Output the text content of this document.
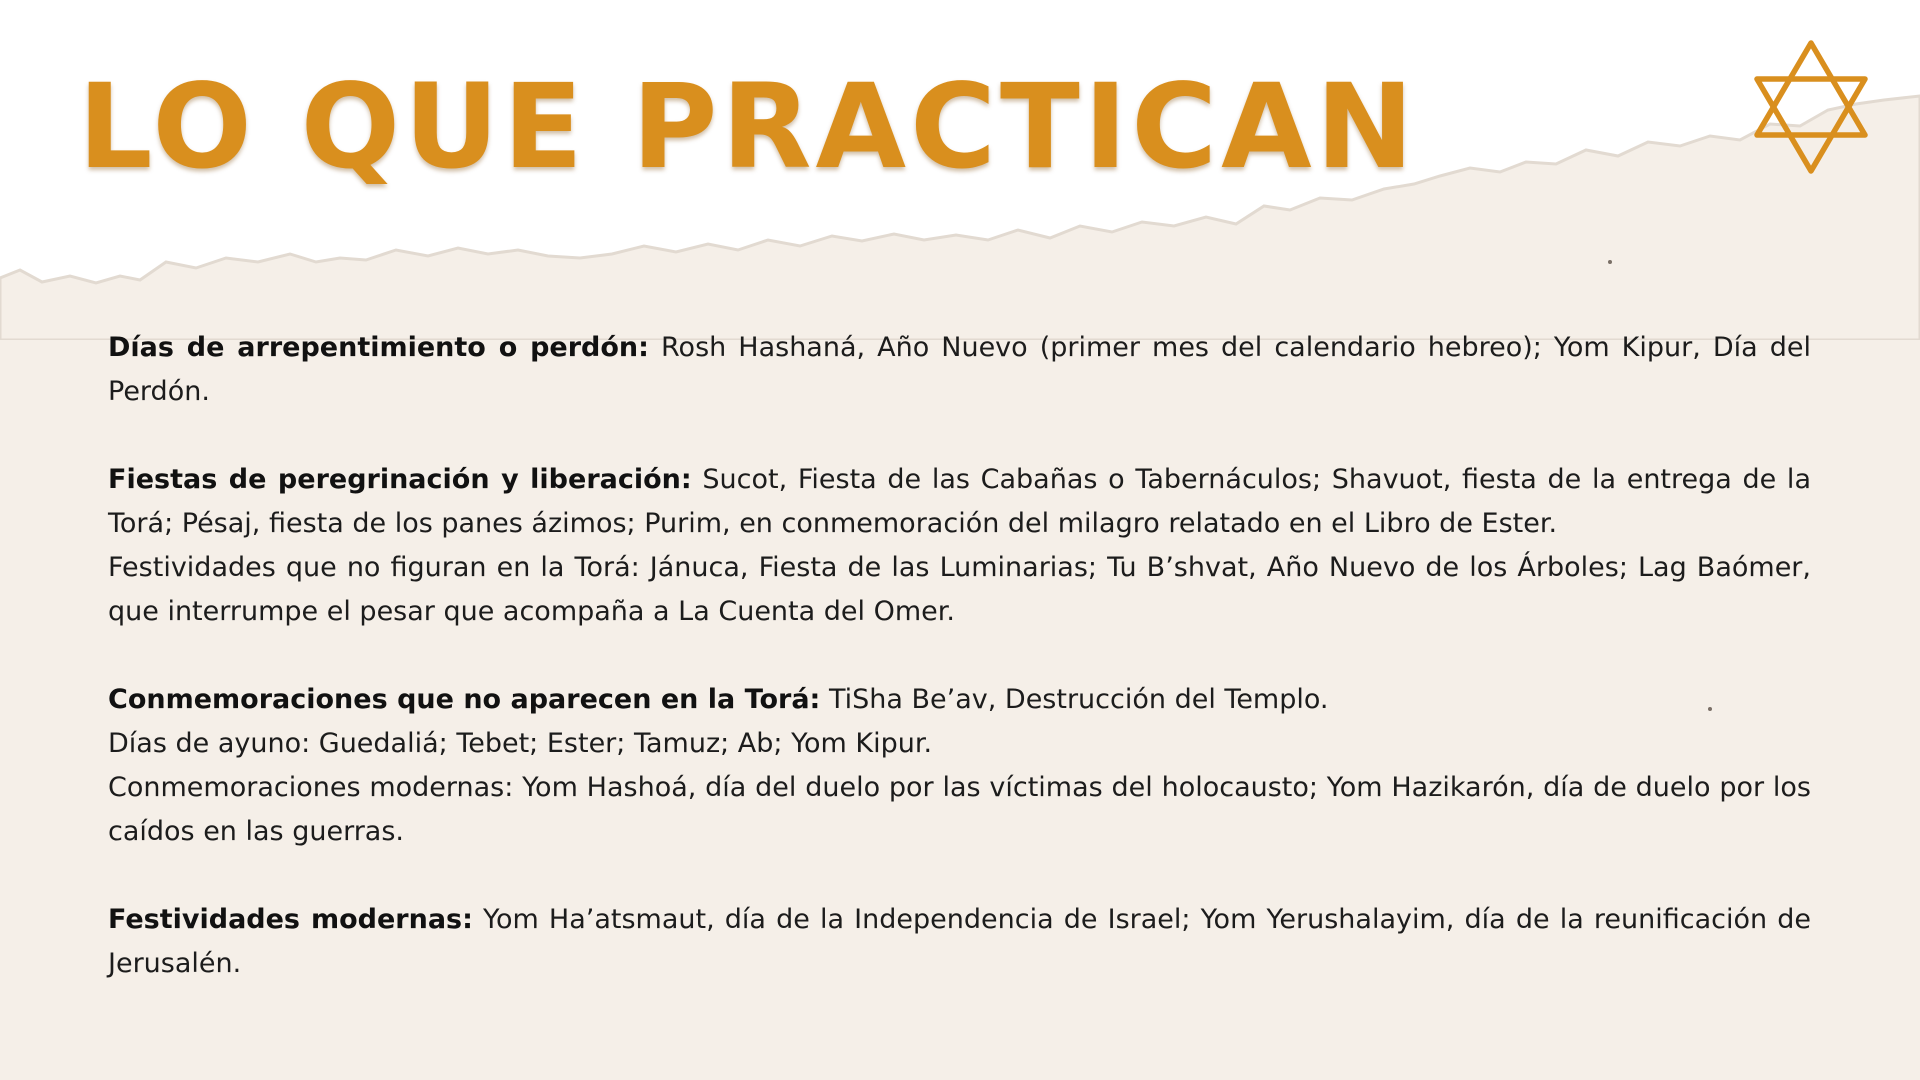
LO QUE PRACTICAN

Días de arrepentimiento o perdón: Rosh Hashaná, Año Nuevo (primer mes del calendario hebreo); Yom Kipur, Día del Perdón.

Fiestas de peregrinación y liberación: Sucot, Fiesta de las Cabañas o Tabernáculos; Shavuot, fiesta de la entrega de la Torá; Pésaj, fiesta de los panes ázimos; Purim, en conmemoración del milagro relatado en el Libro de Ester.

Festividades que no figuran en la Torá: Jánuca, Fiesta de las Luminarias; Tu B’shvat, Año Nuevo de los Árboles; Lag Baómer, que interrumpe el pesar que acompaña a La Cuenta del Omer.

Conmemoraciones que no aparecen en la Torá: TiSha Be’av, Destrucción del Templo.

Días de ayuno: Guedaliá; Tebet; Ester; Tamuz; Ab; Yom Kipur.

Conmemoraciones modernas: Yom Hashoá, día del duelo por las víctimas del holocausto; Yom Hazikarón, día de duelo por los caídos en las guerras.

Festividades modernas: Yom Ha’atsmaut, día de la Independencia de Israel; Yom Yerushalayim, día de la reunificación de Jerusalén.
